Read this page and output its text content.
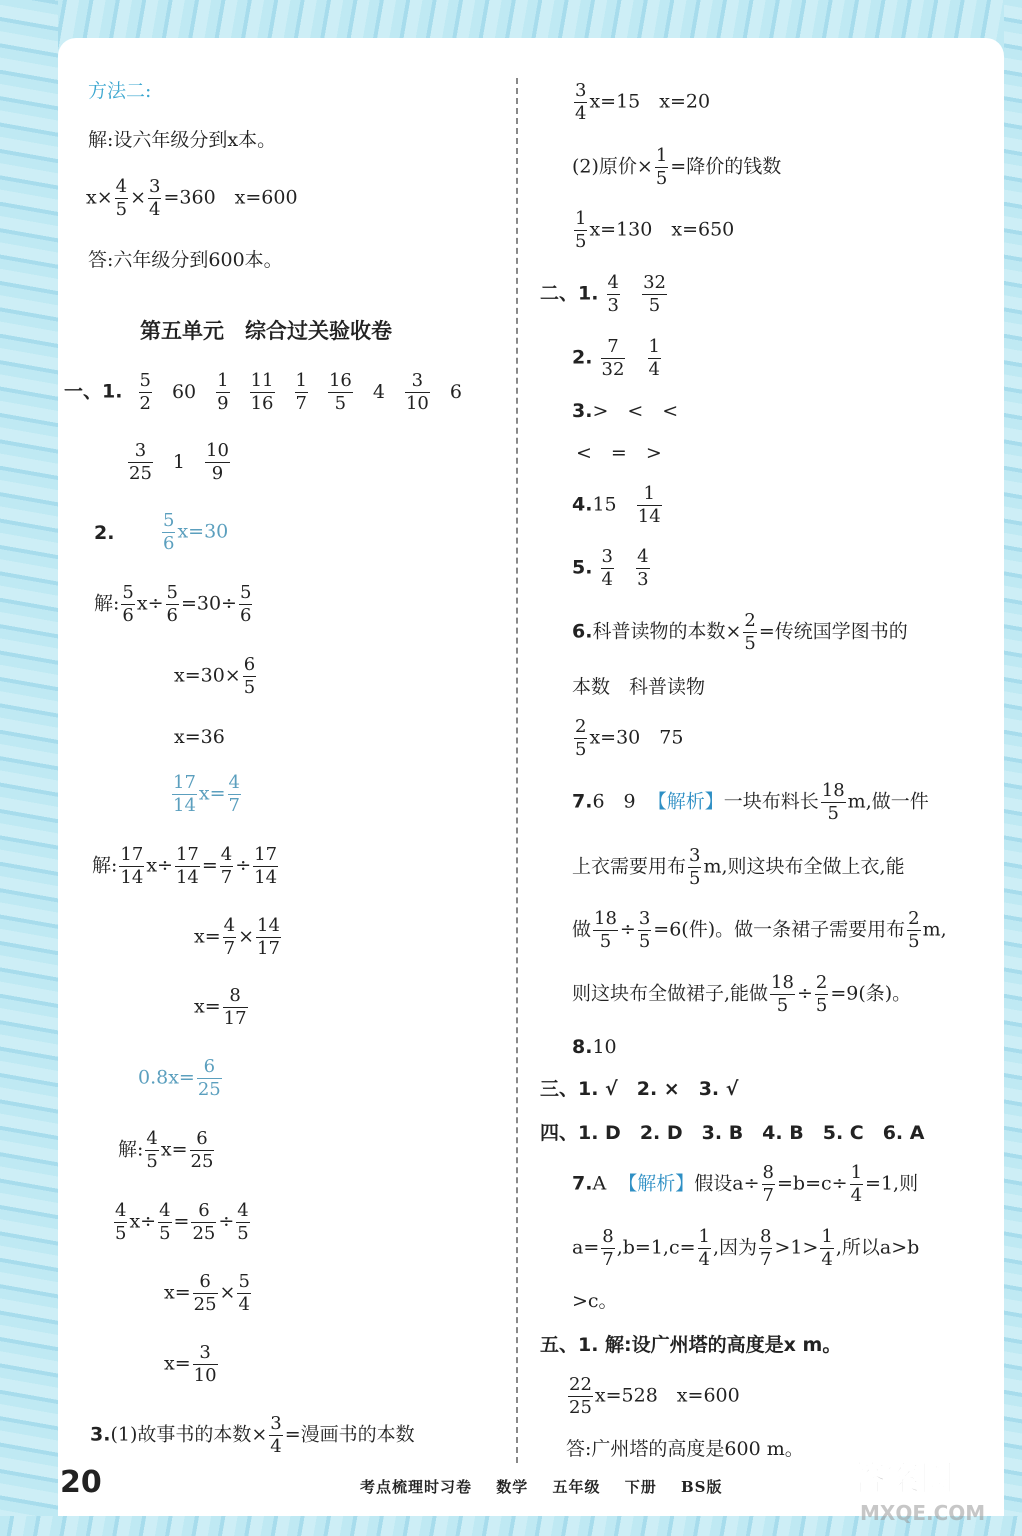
方法二:
解:设六年级分到x本。
$x\times \frac{4}{5} \times \frac{3}{4} =360$　x=600
答:六年级分到600本。
第五单元　综合过关验收卷
一、1. $\frac{5}{2} 60 \frac{1}{9} \frac{11}{16} \frac{1}{7} \frac{16}{5} 4 \frac{3}{10} 6$
$\frac{3}{25} 1 \frac{10}{9}$
2.	$\frac{5}{6} x=30$
解: $\frac{5}{6} x\div \frac{5}{6} =30\div \frac{5}{6}$
$x=30\times \frac{6}{5}$
x=36
$\frac{17}{14} x= \frac{4}{7}$
解: $\frac{17}{14} x\div \frac{17}{14} = \frac{4}{7} \div \frac{17}{14}$
$x= \frac{4}{7} \times \frac{14}{17}$
$x= \frac{8}{17}$
$0.8x= \frac{6}{25}$
解: $\frac{4}{5} x= \frac{6}{25}$
$\frac{4}{5} x\div \frac{4}{5} = \frac{6}{25} \div \frac{4}{5}$
$x= \frac{6}{25} \times \frac{5}{4}$
$x= \frac{3}{10}$
3.(1)故事书的本数× $\frac{3}{4}$ =漫画书的本数
$\frac{3}{4} x=15$　x=20
(2)原价× $\frac{1}{5}$ =降价的钱数
$\frac{1}{5} x=130$　x=650
二、1. $\frac{4}{3}$
$\frac{32}{5}$
2. $\frac{7}{32}$
$\frac{1}{4}$
3.>　<　<
<　=　>
$4.15 \frac{1}{14}$
5. $\frac{3}{4}$
$\frac{4}{3}$
6.科普读物的本数× $\frac{2}{5}$ =传统国学图书的
本数　科普读物
$\frac{2}{5} x=30$　75
7.6　9 【解析】一块布料长 $\frac{18}{5} m$,做一件
上衣需要用布 $\frac{3}{5} m$,则这块布全做上衣,能
做 $\frac{18}{5} \div \frac{3}{5} =6$(件)。做一条裙子需要用布 $\frac{2}{5} m$,
则这块布全做裙子,能做 $\frac{18}{5} \div \frac{2}{5} =9$(条)。
8.10
三、1. √　2. ×　3. √
四、1. D　2. D　3. B　4. B　5. C　6. A
7.A 【解析】假设$a\div \frac{8}{7} =b=c\div \frac{1}{4} =1$,则
$a= \frac{8}{7} ,b=1,c= \frac{1}{4}$ ,因为 $\frac{8}{7} >1> \frac{1}{4}$ ,所以a>b
>c。
五、1. 解:设广州塔的高度是x m。
$\frac{22}{25} x=528$　x=600
答:广州塔的高度是600 m。
20	考点梳理时习卷 数学 五年级 下册 BS版	答案圈
MXQE.COM
